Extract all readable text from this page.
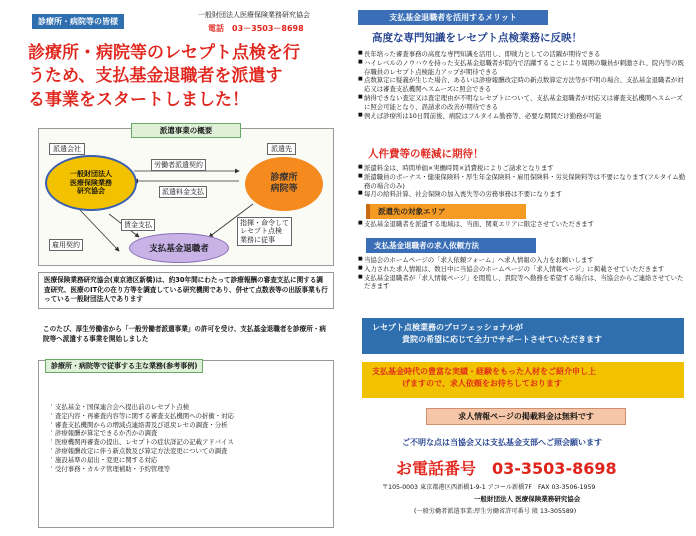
診療所・病院等の皆様
一般財団法人医療保険業務研究協会
電話　03－3503－8698
診療所・病院等のレセプト点検を行
うため、支払基金退職者を派遣す
る事業をスタートしました！
派遣事業の概要
派遣会社	派遣先
一般財団法人
医療保険業務
研究協会
診療所
病院等
労働者派遣契約
派遣料金支払
賃金支払
雇用契約
指揮・命令して
レセプト点検
業務に従事
支払基金退職者
医療保険業務研究協会(東京港区新橋)は、約30年間にわたって診療報酬の審査支払に関する調査研究、医療のIT化の在り方等を調査している研究機関であり、併せて点数表等の出版事業も行っている一般財団法人であります
このたび、厚生労働省から「一般労働者派遣事業」の許可を受け、支払基金退職者を診療所・病院等へ派遣する事業を開始しました
診療所・病院等で従事する主な業務(参考事例)
・ 支払基金・国保連合会へ提出前のレセプト点検
・ 査定内容・再審査内容等に関する審査支払機関への折衝・対応
・ 審査支払機関からの増減点連絡書及び返戻レセの調査・分析
・ 診療報酬が算定できるか否かの調査
・ 医療機関再審査の提出、レセプトの症状詳記の記載アドバイス
・ 診療報酬改定に伴う新点数及び算定方法変更についての調査
・ 施設基準の届出・変更に関する対応
・ 受付事務・カルテ管理補助・予約管理等
支払基金退職者を活用するメリット
高度な専門知識をレセプト点検業務に反映！
■ 長年培った審査事務の高度な専門知識を活用し、即戦力としての活躍が期待できる
■ ハイレベルのノウハウを持った支払基金退職者が院内で活躍することにより周囲の職員が刺激され、院内等の既存職員のレセプト点検能力アップが期待できる
■ 点数算定に疑義が生じた場合、あるいは診療報酬改定時の新点数算定方法等が不明の場合、支払基金退職者が対応又は審査支払機関へスムーズに照会できる
■ 納得できない査定又は査定理由が不明なレセプトについて、支払基金退職者が対応又は審査支払機関へスムーズに照会可能となり、誤請求の改善が期待できる
■ 例えば診療所は10日間前後、病院はフルタイム勤務等、必要な期間だけ勤務が可能
人件費等の軽減に期待！
■ 派遣料金は、時間単価×実働時間×消費税によりご請求となります
■ 派遣職員のボーナス・健康保険料・厚生年金保険料・雇用保険料・労災保険料等は不要になります(フルタイム勤務の場合のみ)
■ 毎月の給料計算、社会保険の加入喪失等の労務事務は不要になります
派遣先の対象エリア
■ 支払基金退職者を派遣する地域は、当面、関東エリアに限定させていただきます
支払基金退職者の求人依頼方法
■ 当協会のホームページの「求人依頼フォーム」へ求人情報の入力をお願いします
■ 入力された求人情報は、数日中に当協会のホームページの「求人情報ページ」に掲載させていただきます
■ 支払基金退職者が「求人情報ページ」を閲覧し、貴院等へ勤務を希望する場合は、当協会からご連絡させていただきます
レセプト点検業務のプロフェッショナルが
貴院の希望に応じて全力でサポートさせていただきます
支払基金時代の豊富な実績・経験をもった人材をご紹介申し上
げますので、求人依頼をお待ちしております
求人情報ページの掲載料金は無料です
ご不明な点は当協会又は支払基金支部へご照会願います
お電話番号　03-3503-8698
〒105-0003 東京都港区西新橋1-9-1 アコール新橋7F　FAX 03-3506-1959
一般財団法人 医療保険業務研究協会
(一般労働者派遣事業:厚生労働省許可番号 般 13-305589)
